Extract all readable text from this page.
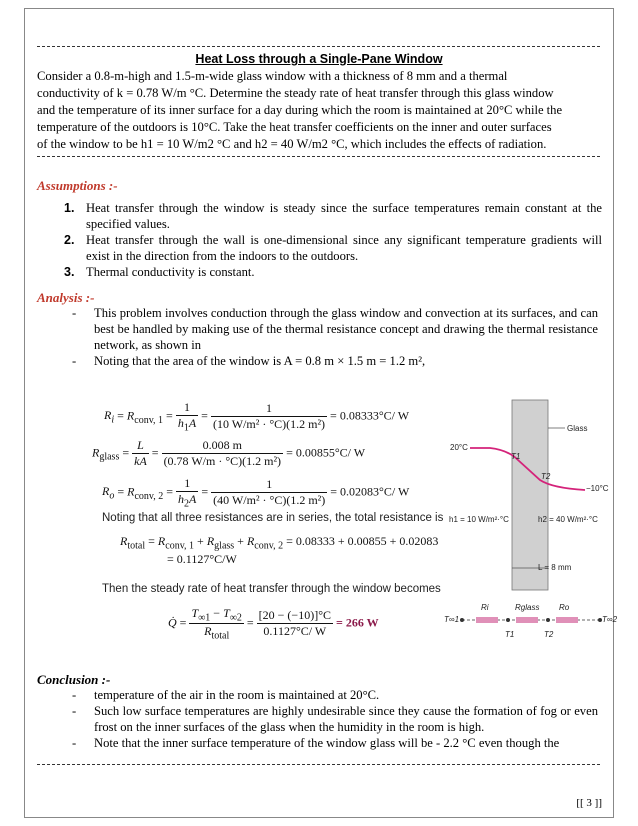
Heat Loss through a Single-Pane Window
Consider a 0.8-m-high and 1.5-m-wide glass window with a thickness of 8 mm and a thermal
conductivity of k = 0.78 W/m °C. Determine the steady rate of heat transfer through this glass window
and the temperature of its inner surface for a day during which the room is maintained at 20°C while the
temperature of the outdoors is 10°C. Take the heat transfer coefficients on the inner and outer surfaces
of the window to be h1 = 10 W/m2 °C and h2 = 40 W/m2 °C, which includes the effects of radiation.
Assumptions :-
1. Heat transfer through the window is steady since the surface temperatures remain constant at the specified values.
2. Heat transfer through the wall is one-dimensional since any significant temperature gradients will exist in the direction from the indoors to the outdoors.
3. Thermal conductivity is constant.
Analysis :-
- This problem involves conduction through the glass window and convection at its surfaces, and can best be handled by making use of the thermal resistance concept and drawing the thermal resistance network, as shown in
- Noting that the area of the window is A = 0.8 m × 1.5 m = 1.2 m²,
$R_i = R_{conv, 1} = \frac{1}{h_1A} = \frac{1}{\text{(10 W/m² · °C)(1.2 m²)}} = 0.08333^\circ C/$ W
$R_{glass} = \frac{L}{kA} = \frac{0.008 m}{\text{(0.78 W/m · °C)(1.2 m²)}} = 0.00855^\circ C/$ W
$R_o = R_{conv, 2} = \frac{1}{h_2A} = \frac{1}{\text{(40 W/m² · °C)(1.2 m²)}} = 0.02083^\circ C/$ W
Noting that all three resistances are in series, the total resistance is
$R_{total} = R_{conv, 1} + R_{glass} + R_{conv, 2} = 0.08333 + 0.00855 + 0.02083$
= 0.1127°C/W
Then the steady rate of heat transfer through the window becomes
Q̇ = $\frac{T_{\infty 1} - T_{\infty 2}}{R_{total}} = \frac{[20 - (-10)]^\circ C}{0.1127^\circ C/ W} = 266$ W
Glass
20°C
T1
T2
−10°C
h1 = 10 W/m²·°C	h2 = 40 W/m²·°C
L = 8 mm
Ri	Rglass Ro
T∞1	T∞2
T1	T2
Conclusion :-
- temperature of the air in the room is maintained at 20°C.
- Such low surface temperatures are highly undesirable since they cause the formation of fog or even frost on the inner surfaces of the glass when the humidity in the room is high.
- Note that the inner surface temperature of the window glass will be - 2.2 °C even though the
[[ 3 ]]
